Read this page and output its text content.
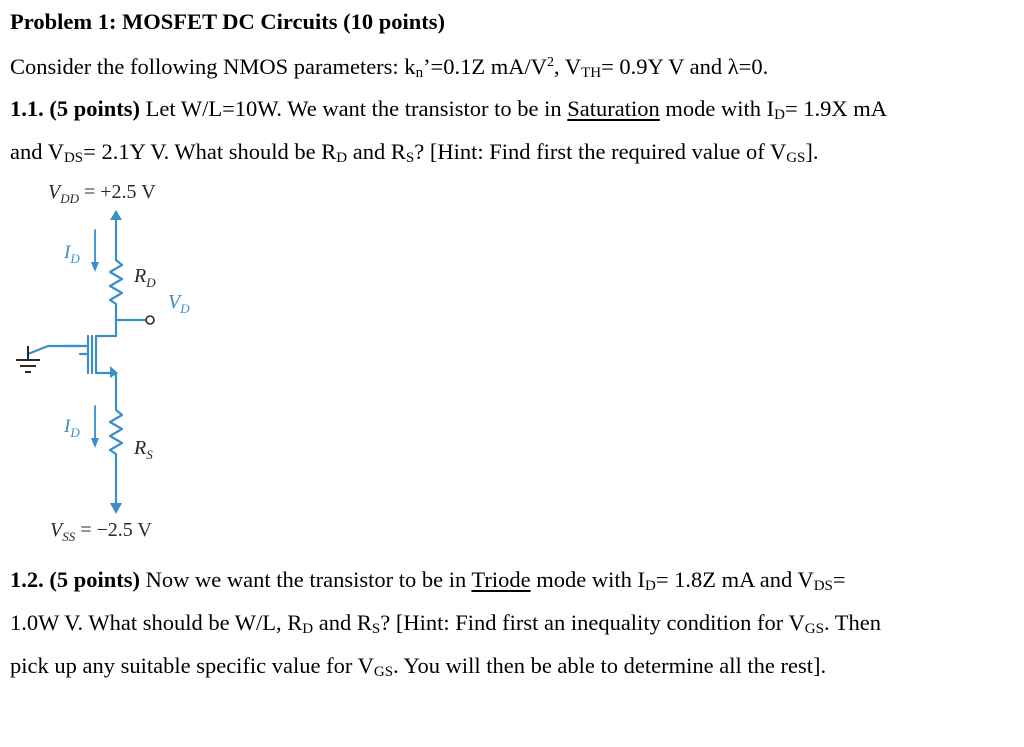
Problem 1: MOSFET DC Circuits (10 points)
Consider the following NMOS parameters: $k_n’=0.1Z$ $mA/V^2$, $V_{TH}= 0.9Y$ V and λ=0.
1.1. (5 points) Let W/L=10W. We want the transistor to be in Saturation mode with $I_D= 1.9X$ mA
and $V_{DS}= 2.1Y$ V. What should be $R_D$ and $R_S$? [Hint: Find first the required value of $V_{GS}$].
$V_{DD} = +2.5$ V
$I_D$
$R_D$
$V_D$
$I_D$
$R_S$
$V_{SS} = -2.5$ V
1.2. (5 points) Now we want the transistor to be in Triode mode with $I_D= 1.8Z$ mA and $V_{DS}=$
1.0W V. What should be W/L, $R_D$ and $R_S$? [Hint: Find first an inequality condition for $V_{GS}$. Then
pick up any suitable specific value for $V_{GS}$. You will then be able to determine all the rest].
